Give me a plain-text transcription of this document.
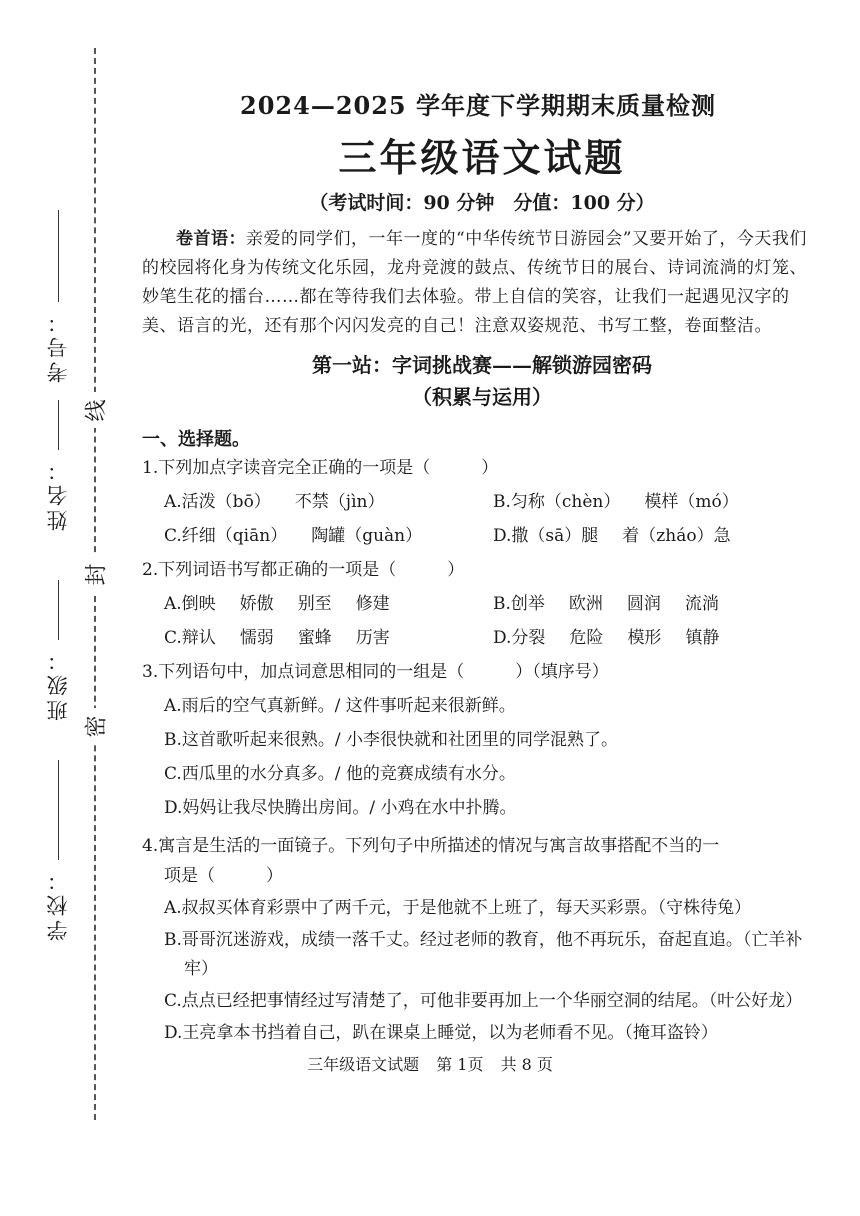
线
封
密
考号：
姓名：
班级：
学校：
2024—2025 学年度下学期期末质量检测
三年级语文试题
（考试时间：90 分钟　分值：100 分）
卷首语：亲爱的同学们，一年一度的“中华传统节日游园会”又要开始了，今天我们的校园将化身为传统文化乐园，龙舟竞渡的鼓点、传统节日的展台、诗词流淌的灯笼、妙笔生花的擂台……都在等待我们去体验。带上自信的笑容，让我们一起遇见汉字的美、语言的光，还有那个闪闪发亮的自己！注意双姿规范、书写工整，卷面整洁。
第一站：字词挑战赛——解锁游园密码
（积累与运用）
一、选择题。
1.下列加点字读音完全正确的一项是（　　　）
A.活泼（bō） 不禁（jìn）	B.匀称（chèn） 模样（mó）
C.纤细（qiān） 陶罐（guàn）	D.撒（sā）腿 着（zháo）急
2.下列词语书写都正确的一项是（　　　）
A.倒映 娇傲 别至 修建	B.创举 欧洲 圆润 流淌
C.辩认 懦弱 蜜蜂 历害	D.分裂 危险 模形 镇静
3.下列语句中，加点词意思相同的一组是（　　　）（填序号）
A.雨后的空气真新鲜。/ 这件事听起来很新鲜。
B.这首歌听起来很熟。/ 小李很快就和社团里的同学混熟了。
C.西瓜里的水分真多。/ 他的竞赛成绩有水分。
D.妈妈让我尽快腾出房间。/ 小鸡在水中扑腾。
4.寓言是生活的一面镜子。下列句子中所描述的情况与寓言故事搭配不当的一
项是（　　　）
A.叔叔买体育彩票中了两千元，于是他就不上班了，每天买彩票。（守株待兔）
B.哥哥沉迷游戏，成绩一落千丈。经过老师的教育，他不再玩乐，奋起直追。（亡羊补牢）
C.点点已经把事情经过写清楚了，可他非要再加上一个华丽空洞的结尾。（叶公好龙）
D.王亮拿本书挡着自己，趴在课桌上睡觉，以为老师看不见。（掩耳盗铃）
三年级语文试题 第 1页 共 8 页
